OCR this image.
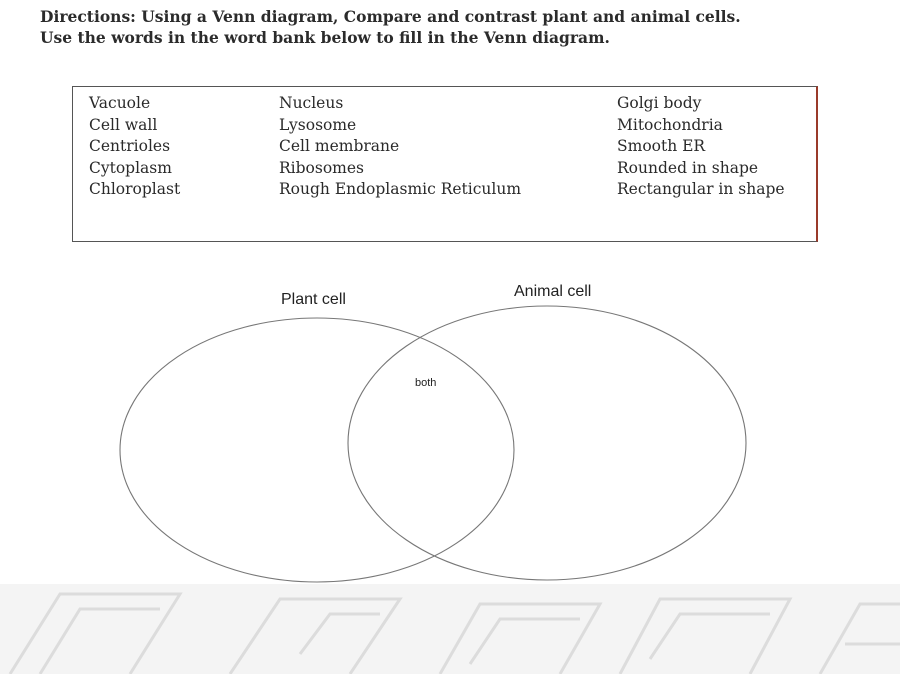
Directions: Using a Venn diagram, Compare and contrast plant and animal cells.
Use the words in the word bank below to fill in the Venn diagram.
Vacuole
Cell wall
Centrioles
Cytoplasm
Chloroplast
Nucleus
Lysosome
Cell membrane
Ribosomes
Rough Endoplasmic Reticulum
Golgi body
Mitochondria
Smooth ER
Rounded in shape
Rectangular in shape
Plant cell	Animal cell
both
